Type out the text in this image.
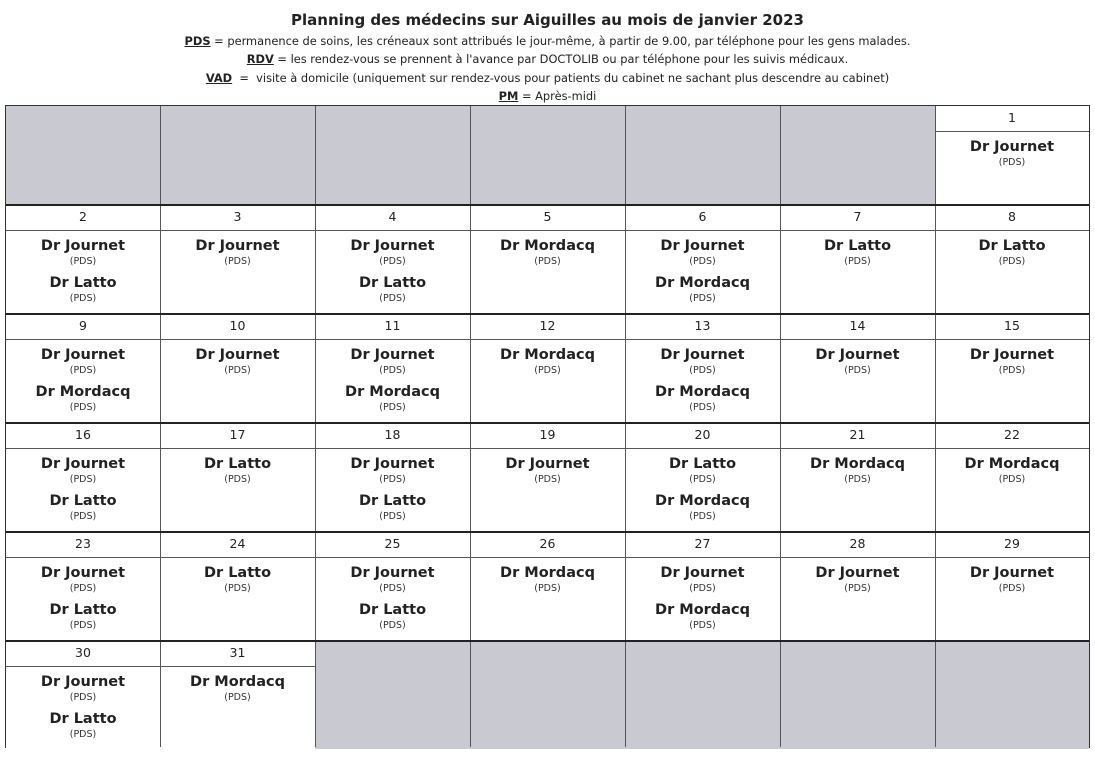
Planning des médecins sur Aiguilles au mois de janvier 2023
PDS = permanence de soins, les créneaux sont attribués le jour-même, à partir de 9.00, par téléphone pour les gens malades.
RDV = les rendez-vous se prennent à l'avance par DOCTOLIB ou par téléphone pour les suivis médicaux.
VAD  =  visite à domicile (uniquement sur rendez-vous pour patients du cabinet ne sachant plus descendre au cabinet)
PM = Après-midi
1
Dr Journet
(PDS)
2
Dr Journet
(PDS)
Dr Latto
(PDS)
3
Dr Journet
(PDS)
4
Dr Journet
(PDS)
Dr Latto
(PDS)
5
Dr Mordacq
(PDS)
6
Dr Journet
(PDS)
Dr Mordacq
(PDS)
7
Dr Latto
(PDS)
8
Dr Latto
(PDS)
9
Dr Journet
(PDS)
Dr Mordacq
(PDS)
10
Dr Journet
(PDS)
11
Dr Journet
(PDS)
Dr Mordacq
(PDS)
12
Dr Mordacq
(PDS)
13
Dr Journet
(PDS)
Dr Mordacq
(PDS)
14
Dr Journet
(PDS)
15
Dr Journet
(PDS)
16
Dr Journet
(PDS)
Dr Latto
(PDS)
17
Dr Latto
(PDS)
18
Dr Journet
(PDS)
Dr Latto
(PDS)
19
Dr Journet
(PDS)
20
Dr Latto
(PDS)
Dr Mordacq
(PDS)
21
Dr Mordacq
(PDS)
22
Dr Mordacq
(PDS)
23
Dr Journet
(PDS)
Dr Latto
(PDS)
24
Dr Latto
(PDS)
25
Dr Journet
(PDS)
Dr Latto
(PDS)
26
Dr Mordacq
(PDS)
27
Dr Journet
(PDS)
Dr Mordacq
(PDS)
28
Dr Journet
(PDS)
29
Dr Journet
(PDS)
30
Dr Journet
(PDS)
Dr Latto
(PDS)
31
Dr Mordacq
(PDS)
